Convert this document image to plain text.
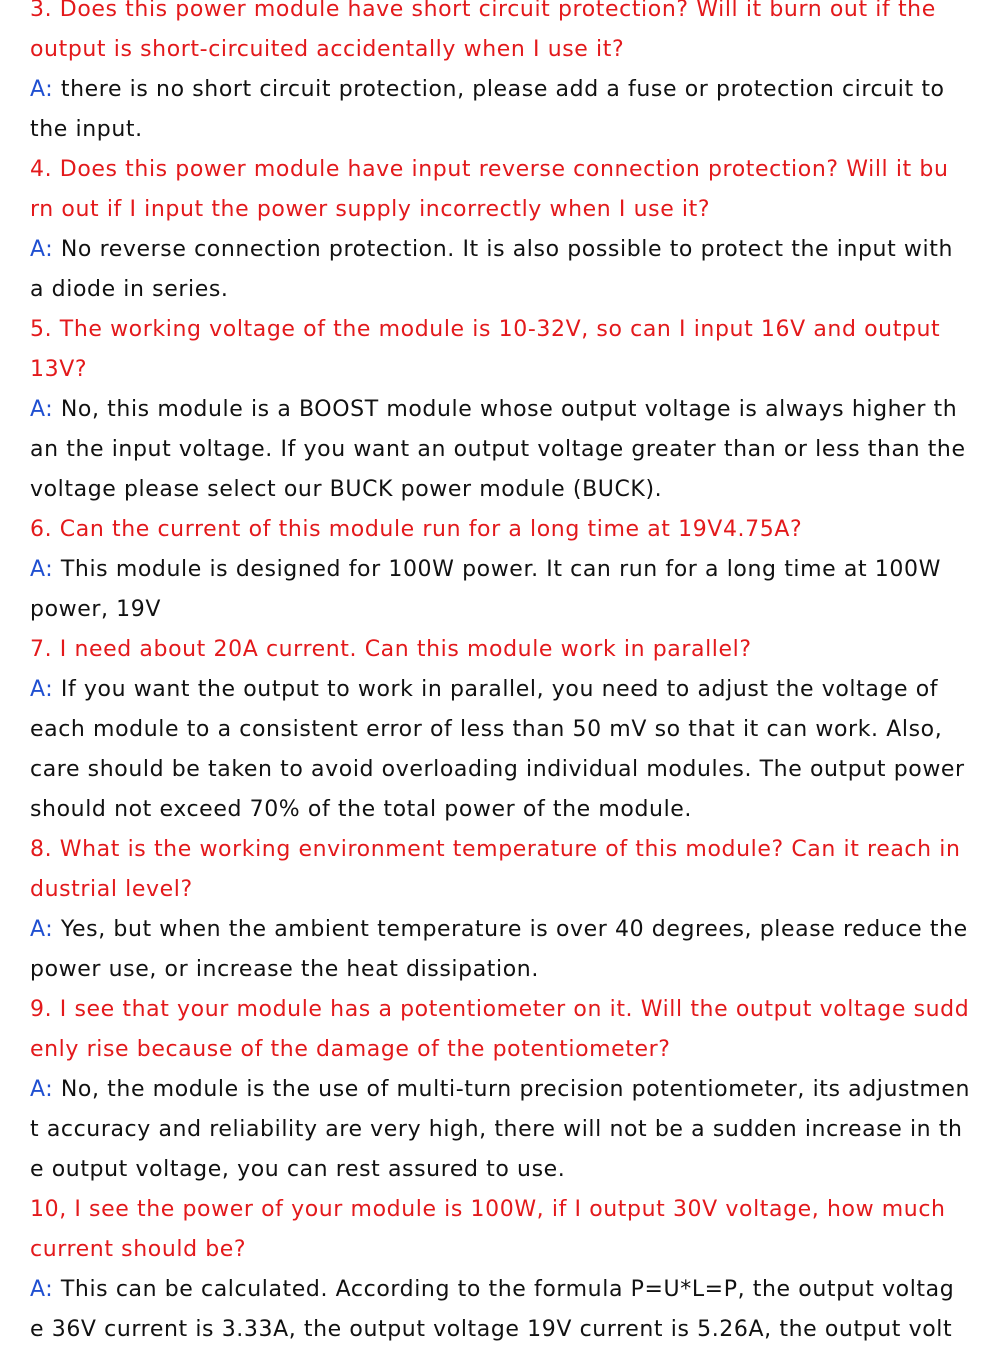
3. Does this power module have short circuit protection? Will it burn out if the
output is short-circuited accidentally when I use it?
A: there is no short circuit protection, please add a fuse or protection circuit to
the input.
4. Does this power module have input reverse connection protection? Will it bu
rn out if I input the power supply incorrectly when I use it?
A: No reverse connection protection. It is also possible to protect the input with
a diode in series.
5. The working voltage of the module is 10-32V, so can I input 16V and output
13V?
A: No, this module is a BOOST module whose output voltage is always higher th
an the input voltage. If you want an output voltage greater than or less than the
voltage please select our BUCK power module (BUCK).
6. Can the current of this module run for a long time at 19V4.75A?
A: This module is designed for 100W power. It can run for a long time at 100W
power, 19V
7. I need about 20A current. Can this module work in parallel?
A: If you want the output to work in parallel, you need to adjust the voltage of
each module to a consistent error of less than 50 mV so that it can work. Also,
care should be taken to avoid overloading individual modules. The output power
should not exceed 70% of the total power of the module.
8. What is the working environment temperature of this module? Can it reach in
dustrial level?
A: Yes, but when the ambient temperature is over 40 degrees, please reduce the
power use, or increase the heat dissipation.
9. I see that your module has a potentiometer on it. Will the output voltage sudd
enly rise because of the damage of the potentiometer?
A: No, the module is the use of multi-turn precision potentiometer, its adjustmen
t accuracy and reliability are very high, there will not be a sudden increase in th
e output voltage, you can rest assured to use.
10, I see the power of your module is 100W, if I output 30V voltage, how much
current should be?
A: This can be calculated. According to the formula P=U*L=P, the output voltag
e 36V current is 3.33A, the output voltage 19V current is 5.26A, the output volt
